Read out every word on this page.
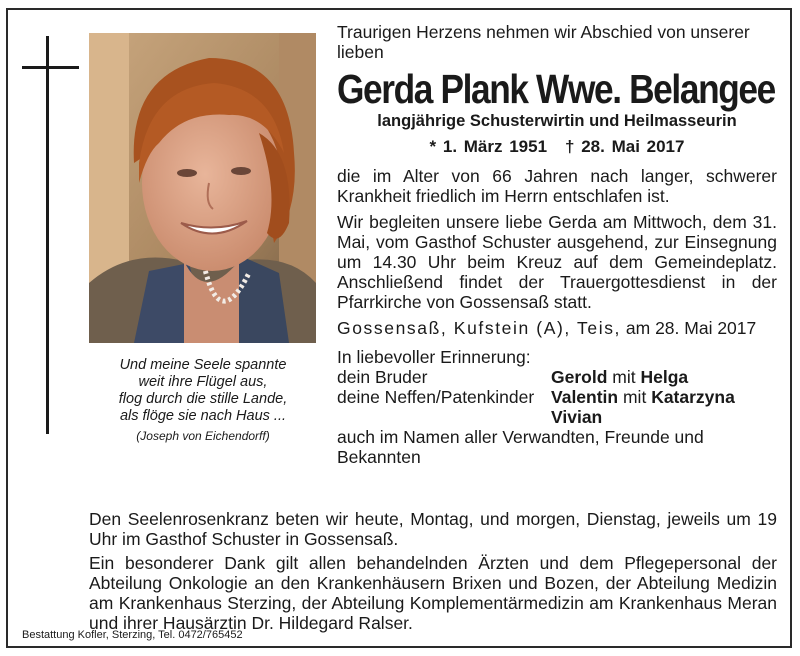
Und meine Seele spannte
weit ihre Flügel aus,
flog durch die stille Lande,
als flöge sie nach Haus ...
(Joseph von Eichendorff)
Traurigen Herzens nehmen wir Abschied von unserer lieben
Gerda Plank Wwe. Belangee
langjährige Schusterwirtin und Heilmasseurin
* 1. März 1951 † 28. Mai 2017
die im Alter von 66 Jahren nach langer, schwerer Krankheit friedlich im Herrn entschlafen ist.
Wir begleiten unsere liebe Gerda am Mittwoch, dem 31. Mai, vom Gasthof Schuster ausgehend, zur Einsegnung um 14.30 Uhr beim Kreuz auf dem Gemeindeplatz. Anschließend findet der Trauergottesdienst in der Pfarrkirche von Gossensaß statt.
Gossensaß, Kufstein (A), Teis, am 28. Mai 2017
In liebevoller Erinnerung:
dein Bruder	Gerold mit Helga
deine Neffen/Patenkinder Valentin mit Katarzyna
Vivian
auch im Namen aller Verwandten, Freunde und Bekannten

Den Seelenrosenkranz beten wir heute, Montag, und morgen, Dienstag, jeweils um 19 Uhr im Gasthof Schuster in Gossensaß.

Ein besonderer Dank gilt allen behandelnden Ärzten und dem Pflegepersonal der Abteilung Onkologie an den Krankenhäusern Brixen und Bozen, der Abteilung Medizin am Krankenhaus Sterzing, der Abteilung Komplementärmedizin am Krankenhaus Meran und ihrer Hausärztin Dr. Hildegard Ralser.

Bestattung Kofler, Sterzing, Tel. 0472/765452
